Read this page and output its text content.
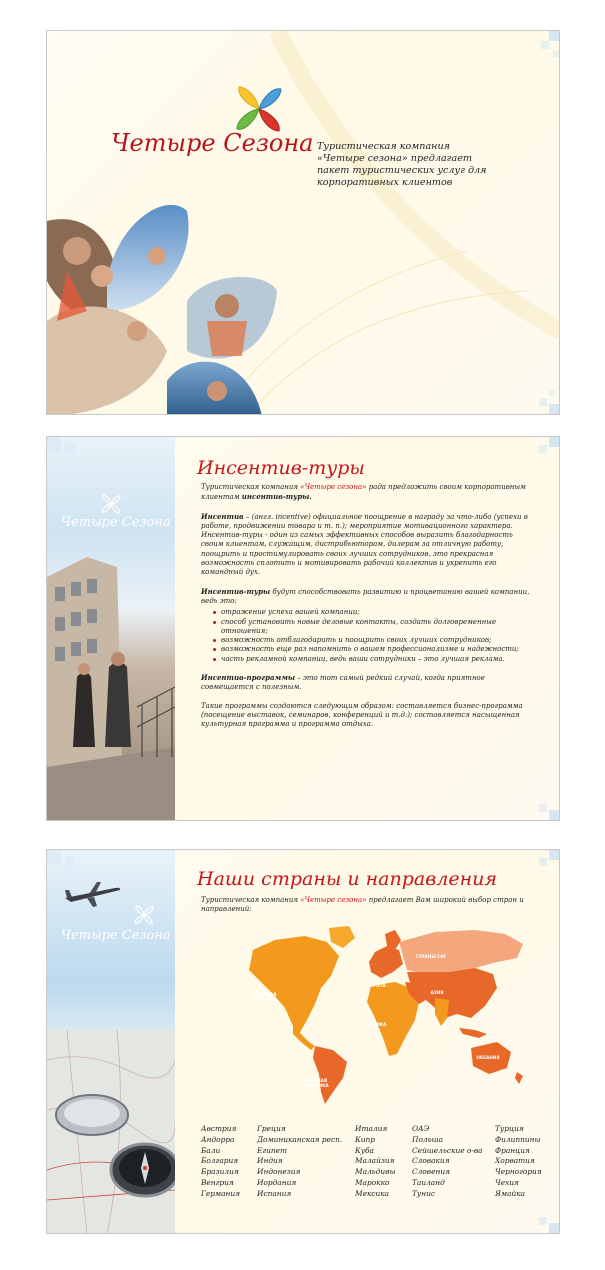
Четыре Сезона Туристическая компания
«Четыре сезона» предлагает
пакет туристических услуг для
корпоративных клиентов
Четыре Сезона
Инсентив-туры
Туристическая компания «Четыре сезона» рада предложить своим корпоративным клиентам инсентив-туры.
Инсентив – (англ. incentive) официальное поощрение в награду за что-либо (успехи в работе, продвижении товара и т. п.); мероприятие мотивационного характера. Инсентив-туры - один из самых эффективных способов выразить благодарность своим клиентам, служащим, дистрибьюторам, дилерам за отличную работу, поощрить и простимулировать своих лучших сотрудников, это прекрасная возможность сплотить и мотивировать рабочий коллектив и укрепить его командный дух.
Инсентив-туры будут способствовать развитию и процветанию вашей компании, ведь это:
отражение успеха вашей компании;
способ установить новые деловые контакты, создать долговременные отношения;
возможность отблагодарить и поощрить своих лучших сотрудников;
возможность еще раз напомнить о вашем профессионализме и надежности;
часть рекламной компании, ведь ваши сотрудники – это лучшая реклама.
Инсентив-программы – это тот самый редкий случай, когда приятное совмещается с полезным.
Такие программы создаются следующим образом: составляется бизнес-программа (посещение выставок, семинаров, конференций и т.д.); составляется насыщенная культурная программа и программа отдыха.
Четыре Сезона
Наши страны и направления
Туристическая компания «Четыре сезона» предлагает Вам широкий выбор стран и направлений:
СЕВЕРНАЯ
АМЕРИКА
ЮЖНАЯ
АМЕРИКА
ЕВРОПА
СТРАНЫ СНГ
АФРИКА
АЗИЯ
ОКЕАНИЯ
Австрия
Андорра
Бали
Болгария
Бразилия
Венгрия
Германия
Греция
Доминиканская респ.
Египет
Индия
Индонезия
Иордания
Испания
Италия
Кипр
Куба
Малайзия
Мальдивы
Марокко
Мексика
ОАЭ
Польша
Сейшельские о-ва
Словакия
Словения
Таиланд
Тунис
Турция
Филиппины
Франция
Хорватия
Черногория
Чехия
Ямайка
